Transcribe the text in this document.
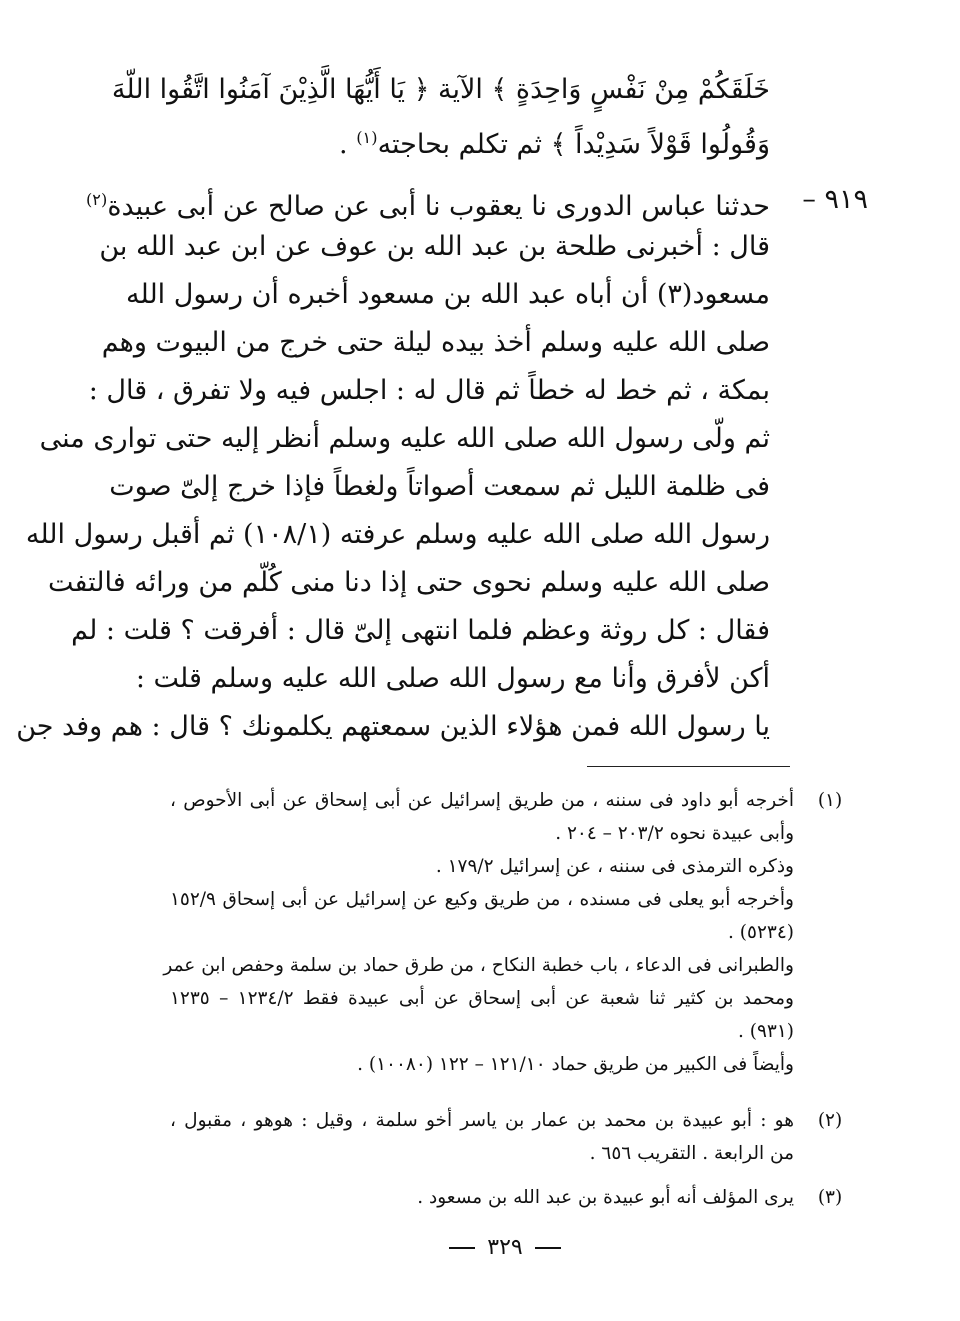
خَلَقَكُمْ مِنْ نَفْسٍ وَاحِدَةٍ ﴾ الآية ﴿ يَا أَيُّهَا الَّذِيْنَ آمَنُوا اتَّقُوا اللّهَ
وَقُولُوا قَوْلاً سَدِيْداً ﴾ ثم تكلم بحاجته$^{(١)}$ .
٩١٩ –
حدثنا عباس الدورى نا يعقوب نا أبى عن صالح عن أبى عبيدة$^{(٢)}$
قال : أخبرنى طلحة بن عبد الله بن عوف عن ابن عبد الله بن
مسعود(٣) أن أباه عبد الله بن مسعود أخبره أن رسول الله
صلى الله عليه وسلم أخذ بيده ليلة حتى خرج من البيوت وهم
بمكة ، ثم خط له خطاً ثم قال له : اجلس فيه ولا تفرق ، قال :
ثم ولّى رسول الله صلى الله عليه وسلم أنظر إليه حتى توارى منى
فى ظلمة الليل ثم سمعت أصواتاً ولغطاً فإذا خرج إلىّ صوت
رسول الله صلى الله عليه وسلم عرفته (١٠٨/١) ثم أقبل رسول الله
صلى الله عليه وسلم نحوى حتى إذا دنا منى كُلّم من ورائه فالتفت
فقال : كل روثة وعظم فلما انتهى إلىّ قال : أفرقت ؟ قلت : لم
أكن لأفرق وأنا مع رسول الله صلى الله عليه وسلم قلت :
يا رسول الله فمن هؤلاء الذين سمعتهم يكلمونك ؟ قال : هم وفد جن
(١)
أخرجه أبو داود فى سننه ، من طريق إسرائيل عن أبى إسحاق عن أبى الأحوص ،
وأبى عبيدة نحوه ٢٠٣/٢ – ٢٠٤ .
وذكره الترمذى فى سننه ، عن إسرائيل ١٧٩/٢ .
وأخرجه أبو يعلى فى مسنده ، من طريق وكيع عن إسرائيل عن أبى إسحاق ١٥٢/٩
(٥٢٣٤) .
والطبرانى فى الدعاء ، باب خطبة النكاح ، من طرق حماد بن سلمة وحفص ابن عمر
ومحمد بن كثير ثنا شعبة عن أبى إسحاق عن أبى عبيدة فقط ١٢٣٤/٢ – ١٢٣٥
(٩٣١) .
وأيضاً فى الكبير من طريق حماد ١٢١/١٠ – ١٢٢ (١٠٠٨٠) .
(٢)
هو : أبو عبيدة بن محمد بن عمار بن ياسر أخو سلمة ، وقيل : هوهو ، مقبول ،
من الرابعة . التقريب ٦٥٦ .
(٣)
يرى المؤلف أنه أبو عبيدة بن عبد الله بن مسعود .
٣٢٩
